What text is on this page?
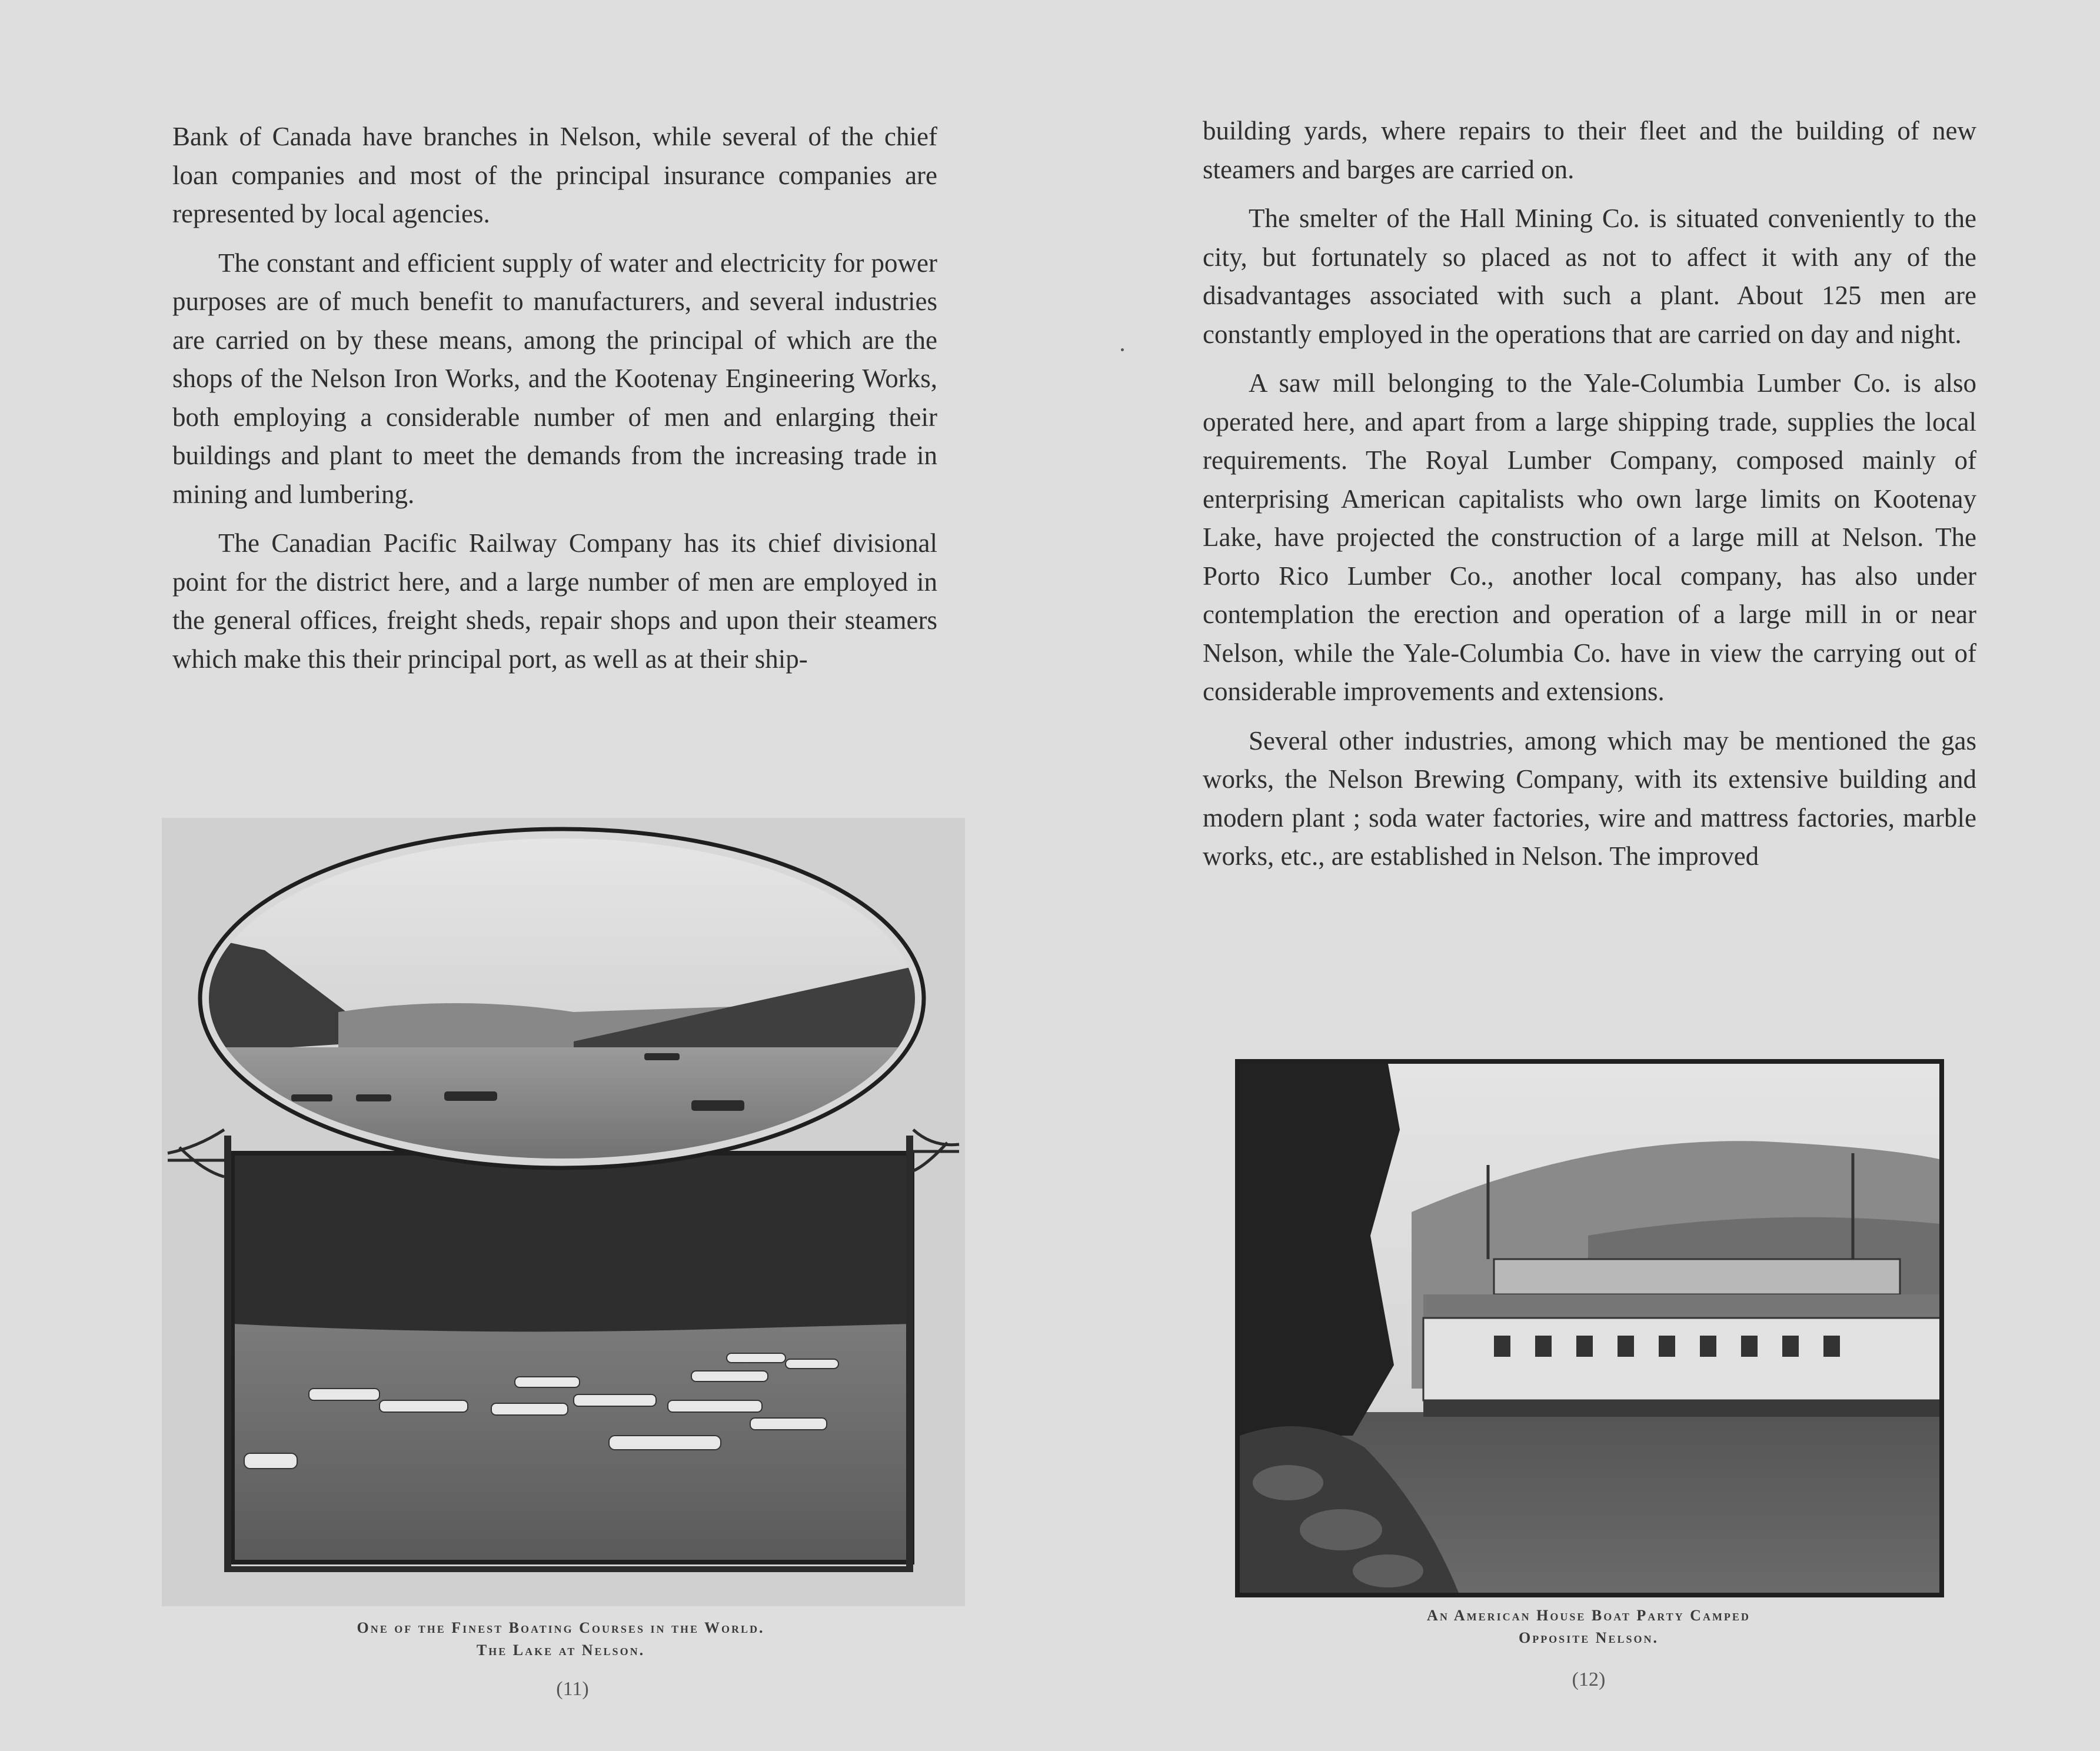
Bank of Canada have branches in Nelson, while several of the chief loan companies and most of the principal insurance companies are represented by local agencies.

The constant and efficient supply of water and electricity for power purposes are of much benefit to manufacturers, and several industries are carried on by these means, among the principal of which are the shops of the Nelson Iron Works, and the Kootenay Engineering Works, both employing a considerable number of men and enlarging their buildings and plant to meet the demands from the increasing trade in mining and lumbering.

The Canadian Pacific Railway Company has its chief divisional point for the district here, and a large number of men are employed in the general offices, freight sheds, repair shops and upon their steamers which make this their principal port, as well as at their ship-

One of the Finest Boating Courses in the World.
The Lake at Nelson.
(11)

building yards, where repairs to their fleet and the building of new steamers and barges are carried on.

The smelter of the Hall Mining Co. is situated conveniently to the city, but fortunately so placed as not to affect it with any of the disadvantages associated with such a plant. About 125 men are constantly employed in the operations that are carried on day and night.

A saw mill belonging to the Yale-Columbia Lumber Co. is also operated here, and apart from a large shipping trade, supplies the local requirements. The Royal Lumber Company, composed mainly of enterprising American capitalists who own large limits on Kootenay Lake, have projected the construction of a large mill at Nelson. The Porto Rico Lumber Co., another local company, has also under contemplation the erection and operation of a large mill in or near Nelson, while the Yale-Columbia Co. have in view the carrying out of considerable improvements and extensions.

Several other industries, among which may be mentioned the gas works, the Nelson Brewing Company, with its extensive building and modern plant ; soda water factories, wire and mattress factories, marble works, etc., are established in Nelson. The improved

An American House Boat Party Camped
Opposite Nelson.
(12)
